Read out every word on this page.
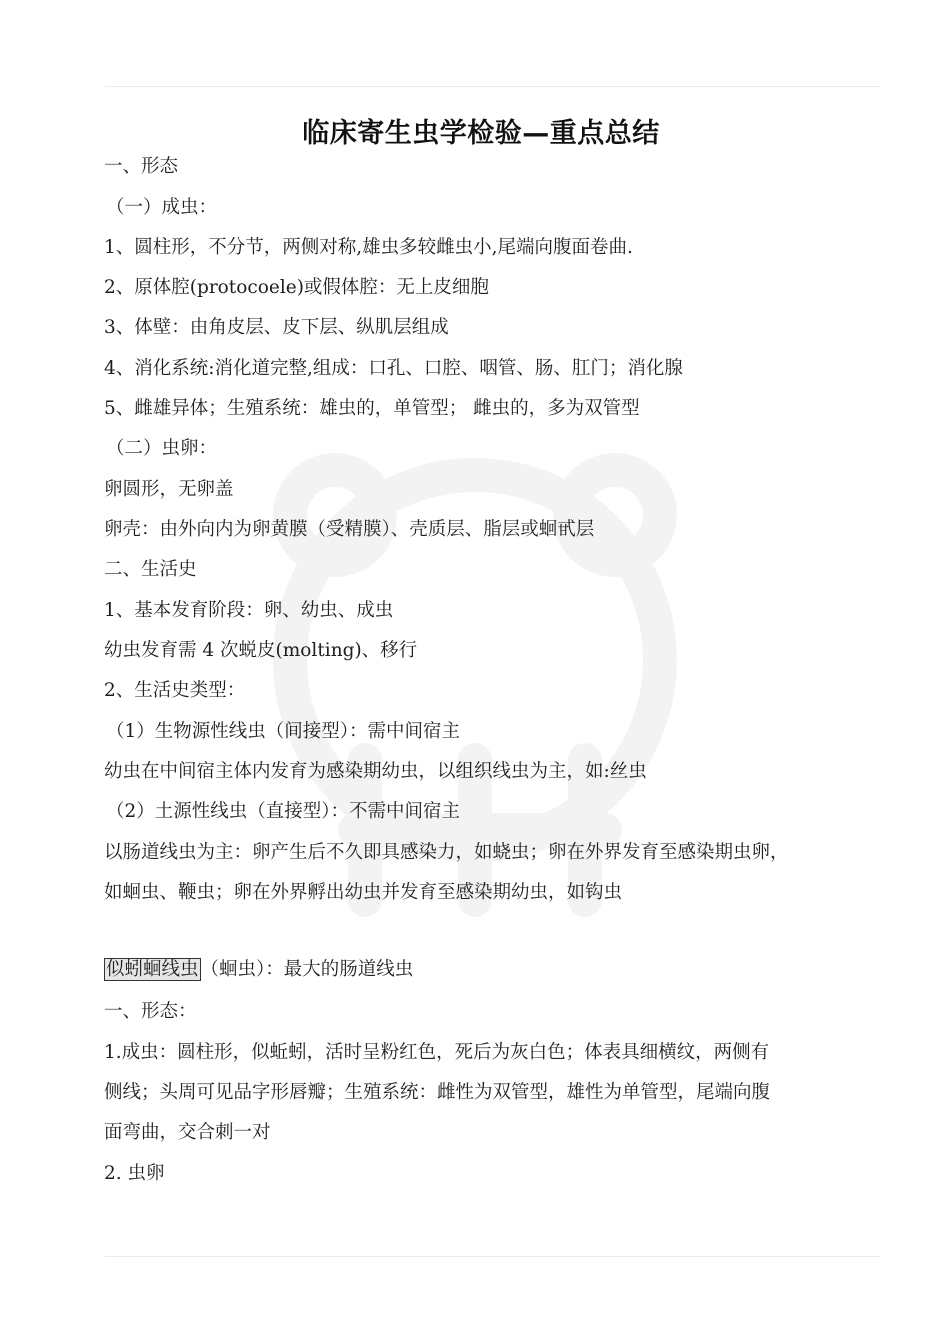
临床寄生虫学检验—重点总结
一、形态
（一）成虫：
1、圆柱形，不分节，两侧对称,雄虫多较雌虫小,尾端向腹面卷曲.
2、原体腔(protocoele)或假体腔：无上皮细胞
3、体壁：由角皮层、皮下层、纵肌层组成
4、消化系统:消化道完整,组成：口孔、口腔、咽管、肠、肛门；消化腺
5、雌雄异体；生殖系统：雄虫的，单管型； 雌虫的，多为双管型
（二）虫卵：
卵圆形，无卵盖
卵壳：由外向内为卵黄膜（受精膜）、壳质层、脂层或蛔甙层
二、生活史
1、基本发育阶段：卵、幼虫、成虫
幼虫发育需 4 次蜕皮(molting)、移行
2、生活史类型：
（1）生物源性线虫（间接型）：需中间宿主
幼虫在中间宿主体内发育为感染期幼虫，以组织线虫为主，如:丝虫
（2）土源性线虫（直接型）：不需中间宿主
以肠道线虫为主：卵产生后不久即具感染力，如蛲虫；卵在外界发育至感染期虫卵，
如蛔虫、鞭虫；卵在外界孵出幼虫并发育至感染期幼虫，如钩虫
似蚓蛔线虫 （蛔虫）：最大的肠道线虫
一、形态：
1.成虫：圆柱形，似蚯蚓，活时呈粉红色，死后为灰白色；体表具细横纹，两侧有
侧线；头周可见品字形唇瓣；生殖系统：雌性为双管型，雄性为单管型，尾端向腹
面弯曲，交合刺一对
2. 虫卵
